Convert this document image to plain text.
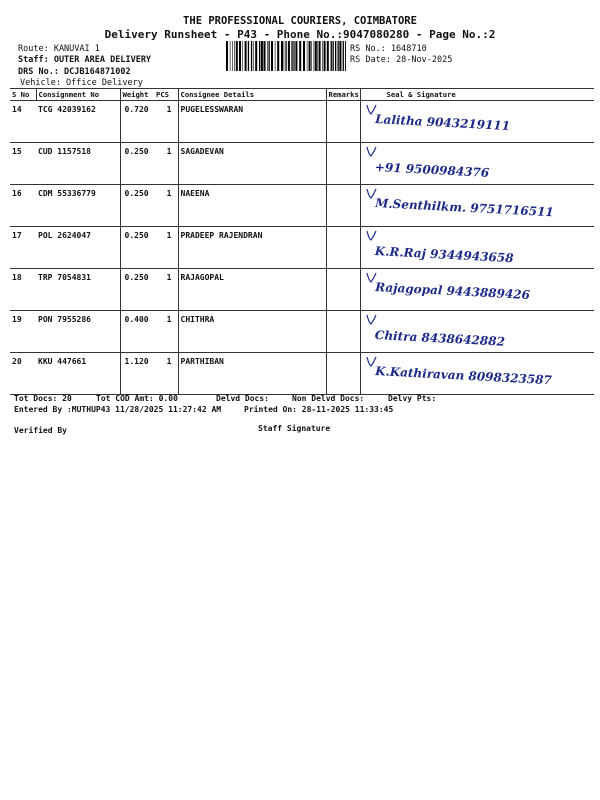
THE PROFESSIONAL COURIERS, COIMBATORE
Delivery Runsheet - P43 - Phone No.:9047080280 - Page No.:2
Route: KANUVAI 1
Staff: OUTER AREA DELIVERY
DRS No.: DCJB164871002
Vehicle: Office Delivery
RS No.: 1648710
RS Date: 28-Nov-2025
S No	Consignment No	Weight	PCS	Consignee Details	Remarks	Seal & Signature
14	TCG 42039162	0.720	1	PUGELESSWARAN		Lalitha 9043219111

15	CUD 1157518	0.250	1	SAGADEVAN		+91 9500984376

16	CDM 55336779	0.250	1	NAEENA		M.Senthilkm. 9751716511

17	POL 2624047	0.250	1	PRADEEP RAJENDRAN		K.R.Raj 9344943658

18	TRP 7054831	0.250	1	RAJAGOPAL		Rajagopal 9443889426

19	PON 7955286	0.400	1	CHITHRA		Chitra 8438642882

20	KKU 447661	1.120	1	PARTHIBAN		K.Kathiravan 8098323587
Tot Docs: 20	Tot COD Amt: 0.00	Delvd Docs:	Non Delvd Docs:	Delvy Pts:
Entered By :MUTHUP43 11/28/2025 11:27:42 AM	Printed On: 28-11-2025 11:33:45
Verified By	Staff Signature
